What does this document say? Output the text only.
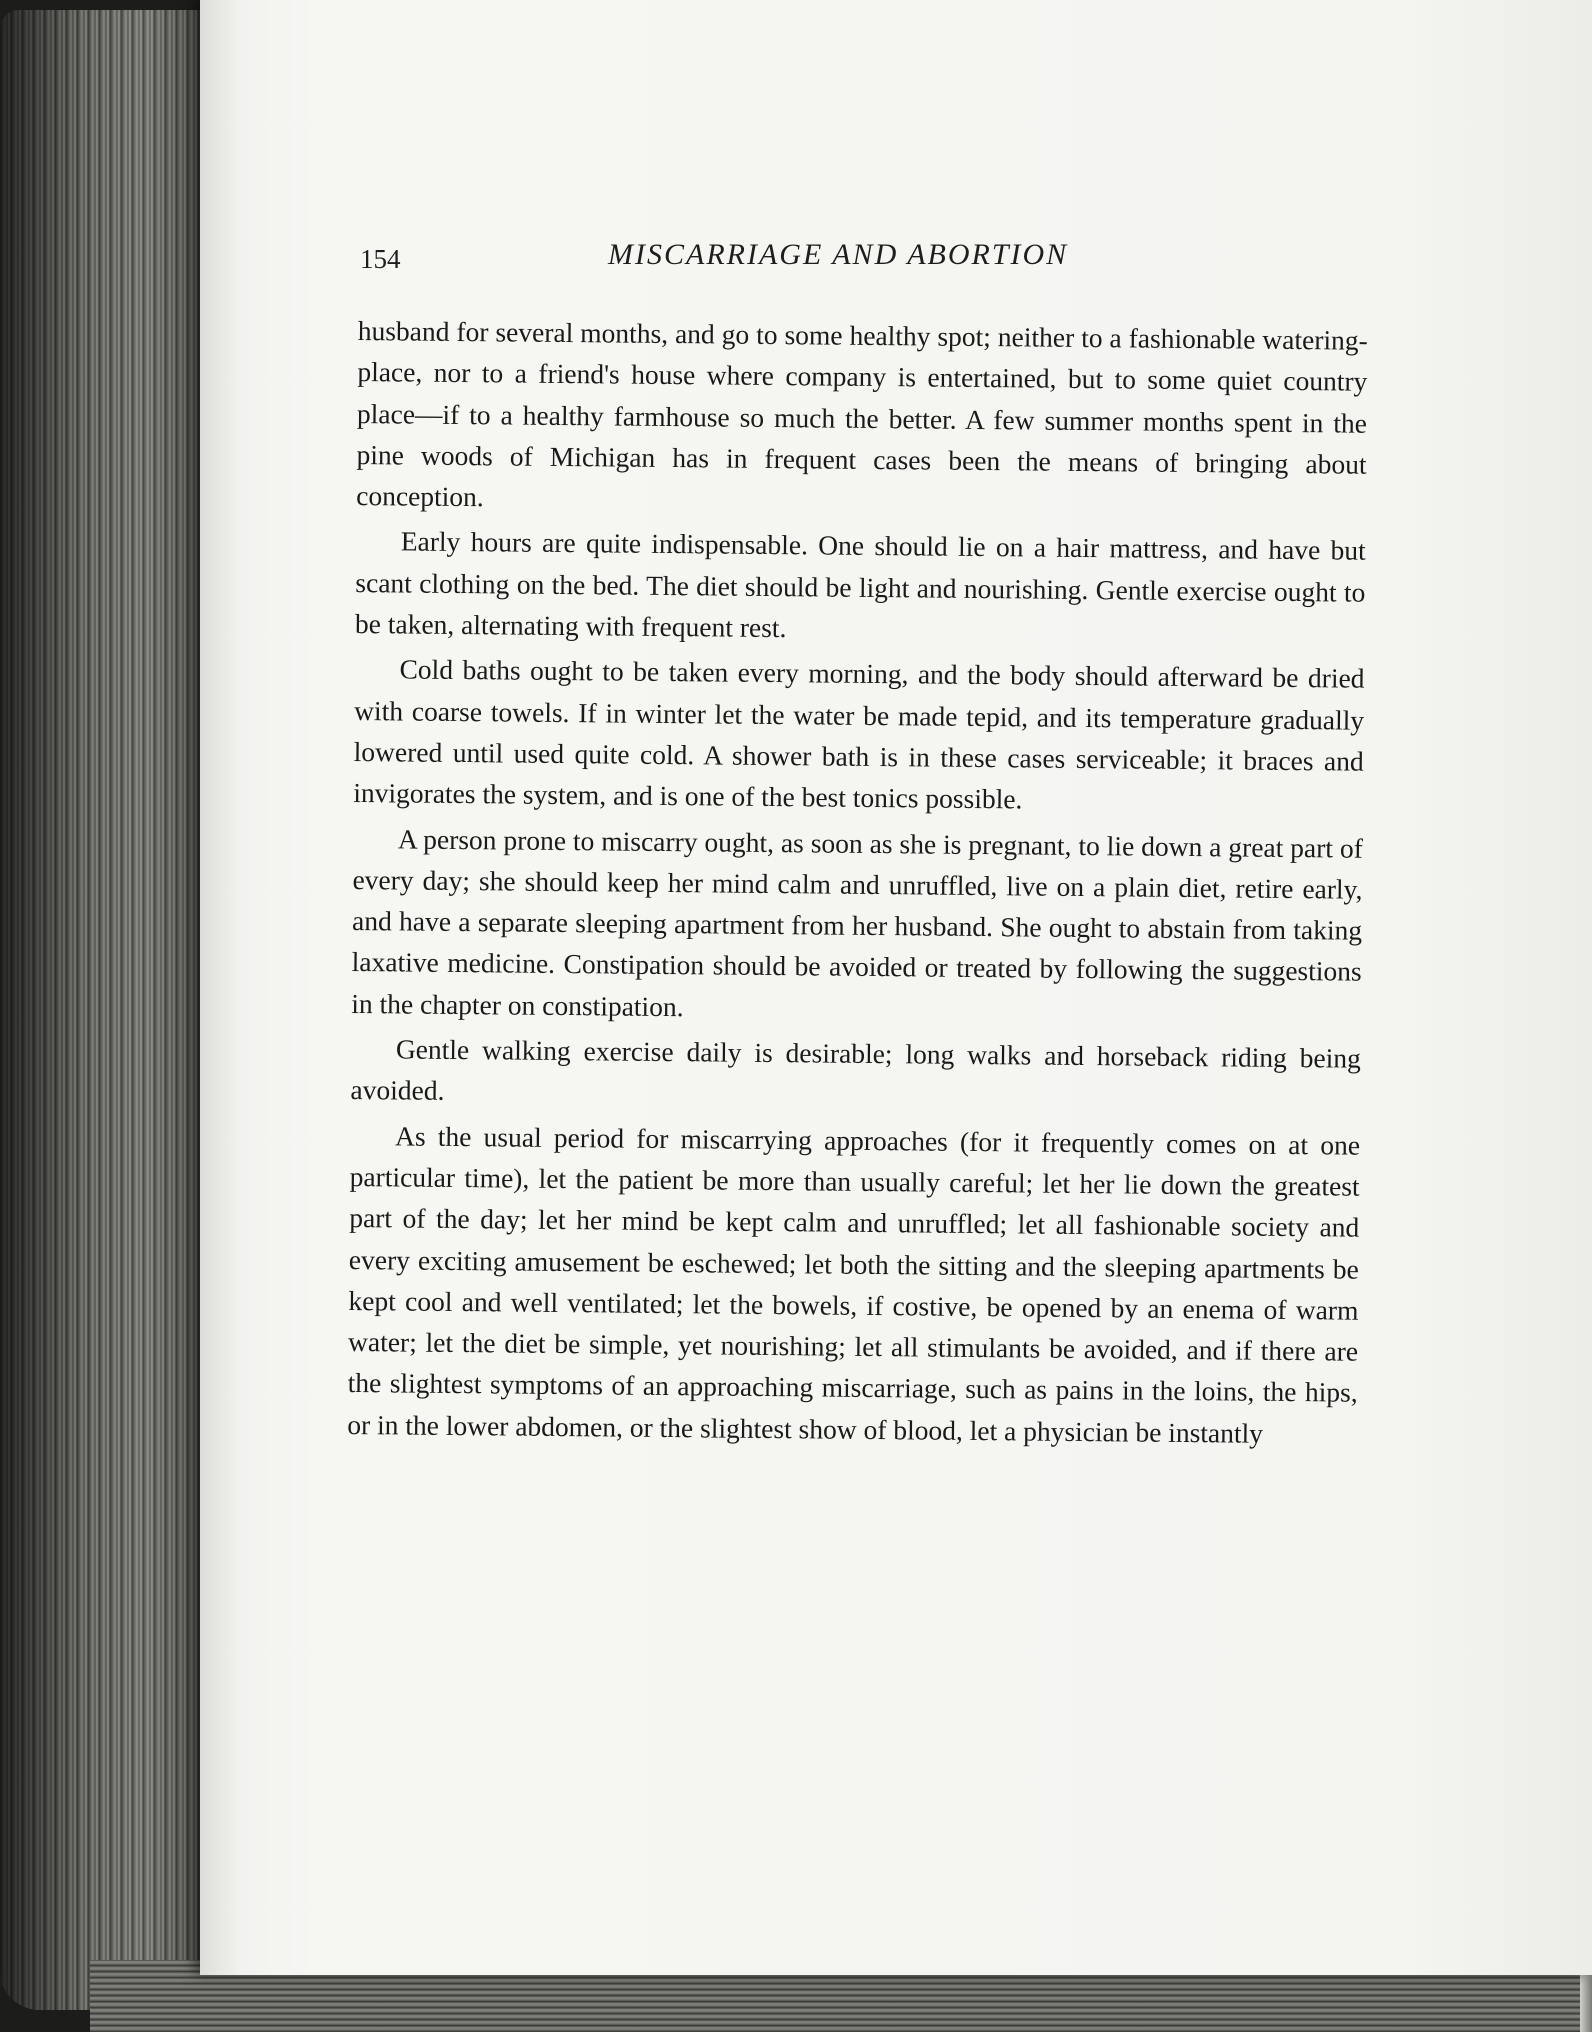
154	MISCARRIAGE AND ABORTION

husband for several months, and go to some healthy spot; neither to a fashionable watering-place, nor to a friend's house where company is entertained, but to some quiet country place—if to a healthy farmhouse so much the better. A few summer months spent in the pine woods of Michigan has in frequent cases been the means of bringing about conception.

Early hours are quite indispensable. One should lie on a hair mattress, and have but scant clothing on the bed. The diet should be light and nourishing. Gentle exercise ought to be taken, alternating with frequent rest.

Cold baths ought to be taken every morning, and the body should afterward be dried with coarse towels. If in winter let the water be made tepid, and its temperature gradually lowered until used quite cold. A shower bath is in these cases serviceable; it braces and invigorates the system, and is one of the best tonics possible.

A person prone to miscarry ought, as soon as she is pregnant, to lie down a great part of every day; she should keep her mind calm and unruffled, live on a plain diet, retire early, and have a separate sleeping apartment from her husband. She ought to abstain from taking laxative medicine. Constipation should be avoided or treated by following the suggestions in the chapter on constipation.

Gentle walking exercise daily is desirable; long walks and horseback riding being avoided.

As the usual period for miscarrying approaches (for it frequently comes on at one particular time), let the patient be more than usually careful; let her lie down the greatest part of the day; let her mind be kept calm and unruffled; let all fashionable society and every exciting amusement be eschewed; let both the sitting and the sleeping apartments be kept cool and well ventilated; let the bowels, if costive, be opened by an enema of warm water; let the diet be simple, yet nourishing; let all stimulants be avoided, and if there are the slightest symptoms of an approaching miscarriage, such as pains in the loins, the hips, or in the lower abdomen, or the slightest show of blood, let a physician be instantly
